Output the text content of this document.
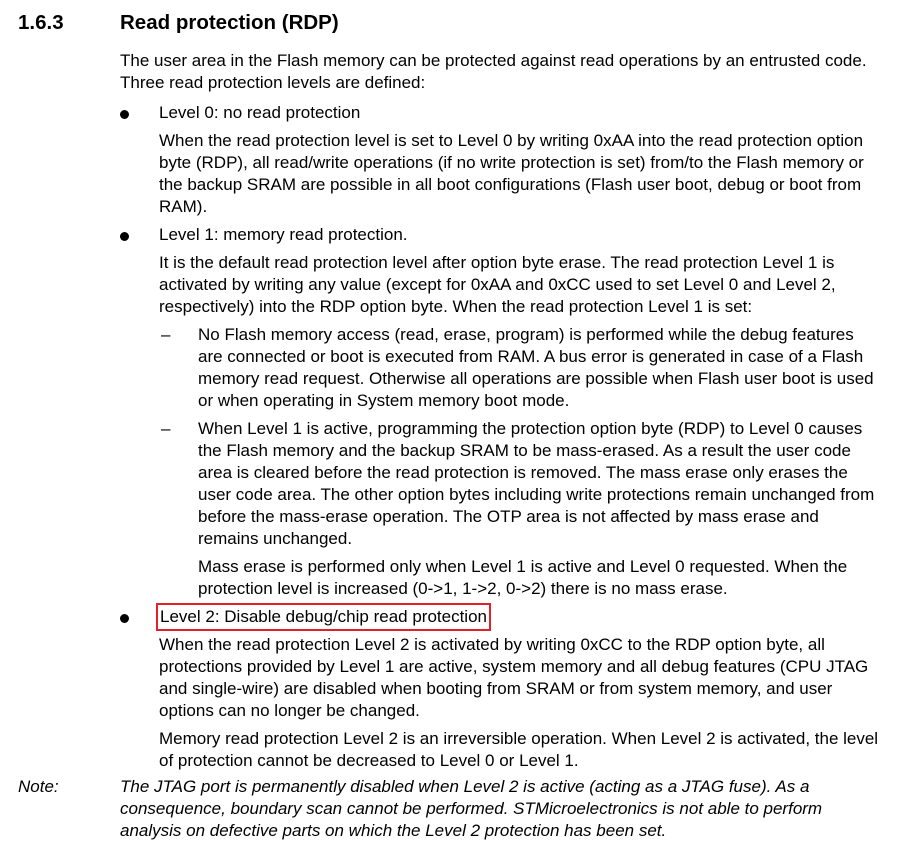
1.6.3	Read protection (RDP)

The user area in the Flash memory can be protected against read operations by an entrusted code. Three read protection levels are defined:

Level 0: no read protection

When the read protection level is set to Level 0 by writing 0xAA into the read protection option byte (RDP), all read/write operations (if no write protection is set) from/to the Flash memory or the backup SRAM are possible in all boot configurations (Flash user boot, debug or boot from RAM).

Level 1: memory read protection.

It is the default read protection level after option byte erase. The read protection Level 1 is activated by writing any value (except for 0xAA and 0xCC used to set Level 0 and Level 2, respectively) into the RDP option byte. When the read protection Level 1 is set:

– No Flash memory access (read, erase, program) is performed while the debug features are connected or boot is executed from RAM. A bus error is generated in case of a Flash memory read request. Otherwise all operations are possible when Flash user boot is used or when operating in System memory boot mode.

– When Level 1 is active, programming the protection option byte (RDP) to Level 0 causes the Flash memory and the backup SRAM to be mass-erased. As a result the user code area is cleared before the read protection is removed. The mass erase only erases the user code area. The other option bytes including write protections remain unchanged from before the mass-erase operation. The OTP area is not affected by mass erase and remains unchanged.

Mass erase is performed only when Level 1 is active and Level 0 requested. When the protection level is increased (0->1, 1->2, 0->2) there is no mass erase.

Level 2: Disable debug/chip read protection

When the read protection Level 2 is activated by writing 0xCC to the RDP option byte, all protections provided by Level 1 are active, system memory and all debug features (CPU JTAG and single-wire) are disabled when booting from SRAM or from system memory, and user options can no longer be changed.

Memory read protection Level 2 is an irreversible operation. When Level 2 is activated, the level of protection cannot be decreased to Level 0 or Level 1.

Note:	The JTAG port is permanently disabled when Level 2 is active (acting as a JTAG fuse). As a consequence, boundary scan cannot be performed. STMicroelectronics is not able to perform analysis on defective parts on which the Level 2 protection has been set.
